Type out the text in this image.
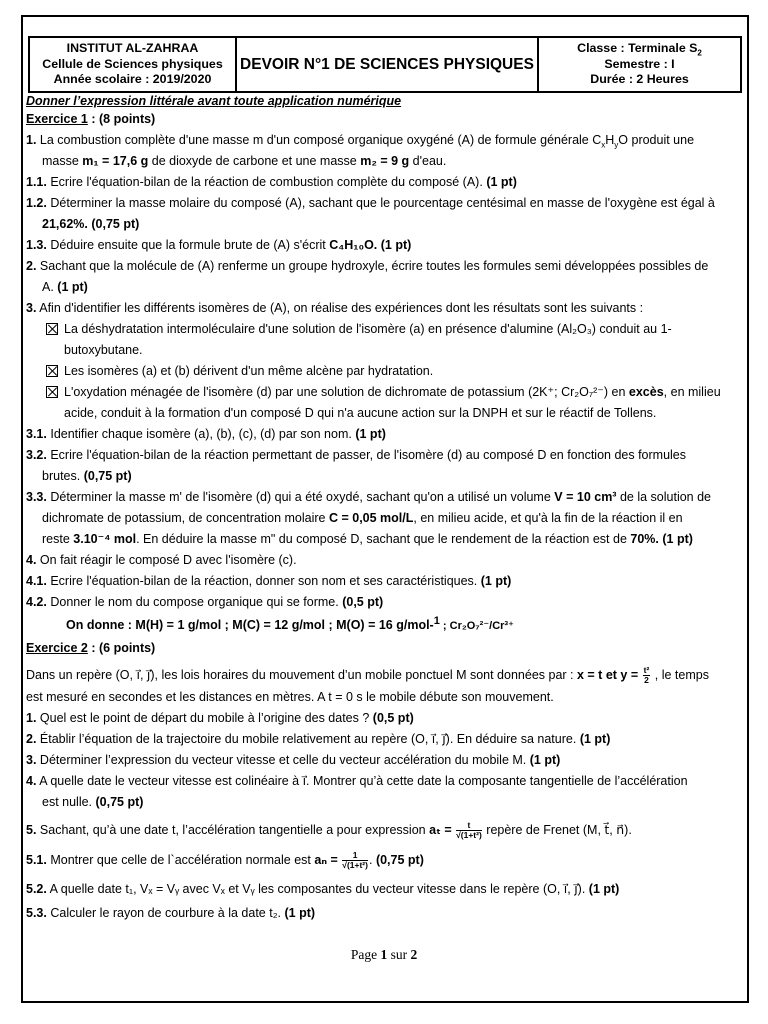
INSTITUT AL-ZAHRAA
Cellule de Sciences physiques
Année scolaire : 2019/2020
DEVOIR N°1 DE SCIENCES PHYSIQUES
Classe : Terminale $S_2$
Semestre : I
Durée : 2 Heures

Donner l’expression littérale avant toute application numérique

Exercice 1 : (8 points)

1. La combustion complète d'une masse m d'un composé organique oxygéné (A) de formule générale $C_xH_yO$ produit une

masse m₁ = 17,6 g de dioxyde de carbone et une masse m₂ = 9 g d'eau.

1.1. Ecrire l'équation-bilan de la réaction de combustion complète du composé (A). (1 pt)

1.2. Déterminer la masse molaire du composé (A), sachant que le pourcentage centésimal en masse de l'oxygène est égal à

21,62%. (0,75 pt)

1.3. Déduire ensuite que la formule brute de (A) s'écrit C₄H₁₀O. (1 pt)

2. Sachant que la molécule de (A) renferme un groupe hydroxyle, écrire toutes les formules semi développées possibles de

A. (1 pt)

3. Afin d'identifier les différents isomères de (A), on réalise des expériences dont les résultats sont les suivants :

La déshydratation intermoléculaire d'une solution de l'isomère (a) en présence d'alumine (Al₂O₃) conduit au 1-

butoxybutane.

Les isomères (a) et (b) dérivent d'un même alcène par hydratation.

L'oxydation ménagée de l'isomère (d) par une solution de dichromate de potassium (2K⁺; Cr₂O₇²⁻) en excès, en milieu

acide, conduit à la formation d'un composé D qui n'a aucune action sur la DNPH et sur le réactif de Tollens.

3.1. Identifier chaque isomère (a), (b), (c), (d) par son nom. (1 pt)

3.2. Ecrire l'équation-bilan de la réaction permettant de passer, de l'isomère (d) au composé D en fonction des formules

brutes. (0,75 pt)

3.3. Déterminer la masse m' de l'isomère (d) qui a été oxydé, sachant qu'on a utilisé un volume V = 10 cm³ de la solution de

dichromate de potassium, de concentration molaire C = 0,05 mol/L, en milieu acide, et qu'à la fin de la réaction il en

reste 3.10⁻⁴ mol. En déduire la masse m" du composé D, sachant que le rendement de la réaction est de 70%. (1 pt)

4. On fait réagir le composé D avec l'isomère (c).

4.1. Ecrire l'équation-bilan de la réaction, donner son nom et ses caractéristiques. (1 pt)

4.2. Donner le nom du compose organique qui se forme. (0,5 pt)

On donne : M(H) = 1 g/mol ; M(C) = 12 g/mol ; M(O) = 16 g/mol-$^1$ ; Cr₂O₇²⁻/Cr³⁺

Exercice 2 : (6 points)

Dans un repère (O, ı⃗, ȷ⃗), les lois horaires du mouvement d’un mobile ponctuel M sont données par : x = t et $y = \frac{\text{t²}}{2}$ , le temps

est mesuré en secondes et les distances en mètres. A t = 0 s le mobile débute son mouvement.

1. Quel est le point de départ du mobile à l’origine des dates ? (0,5 pt)

2. Établir l’équation de la trajectoire du mobile relativement au repère (O, ı⃗, ȷ⃗). En déduire sa nature. (1 pt)

3. Déterminer l’expression du vecteur vitesse et celle du vecteur accélération du mobile M. (1 pt)

4. A quelle date le vecteur vitesse est colinéaire à ı⃗. Montrer qu’à cette date la composante tangentielle de l’accélération

est nulle. (0,75 pt)

5. Sachant, qu’à une date t, l’accélération tangentielle a pour expression $a_t = \frac{t}{\text{√(1+t²)}}$ repère de Frenet (M, t⃗, n⃗).

5.1. Montrer que celle de l`accélération normale est $a_n = \frac{1}{\text{√(1+t²)}}$ . (0,75 pt)

5.2. A quelle date t₁, Vₓ = Vᵧ avec Vₓ et Vᵧ les composantes du vecteur vitesse dans le repère (O, ı⃗, ȷ⃗). (1 pt)

5.3. Calculer le rayon de courbure à la date t₂. (1 pt)

Page 1 sur 2
